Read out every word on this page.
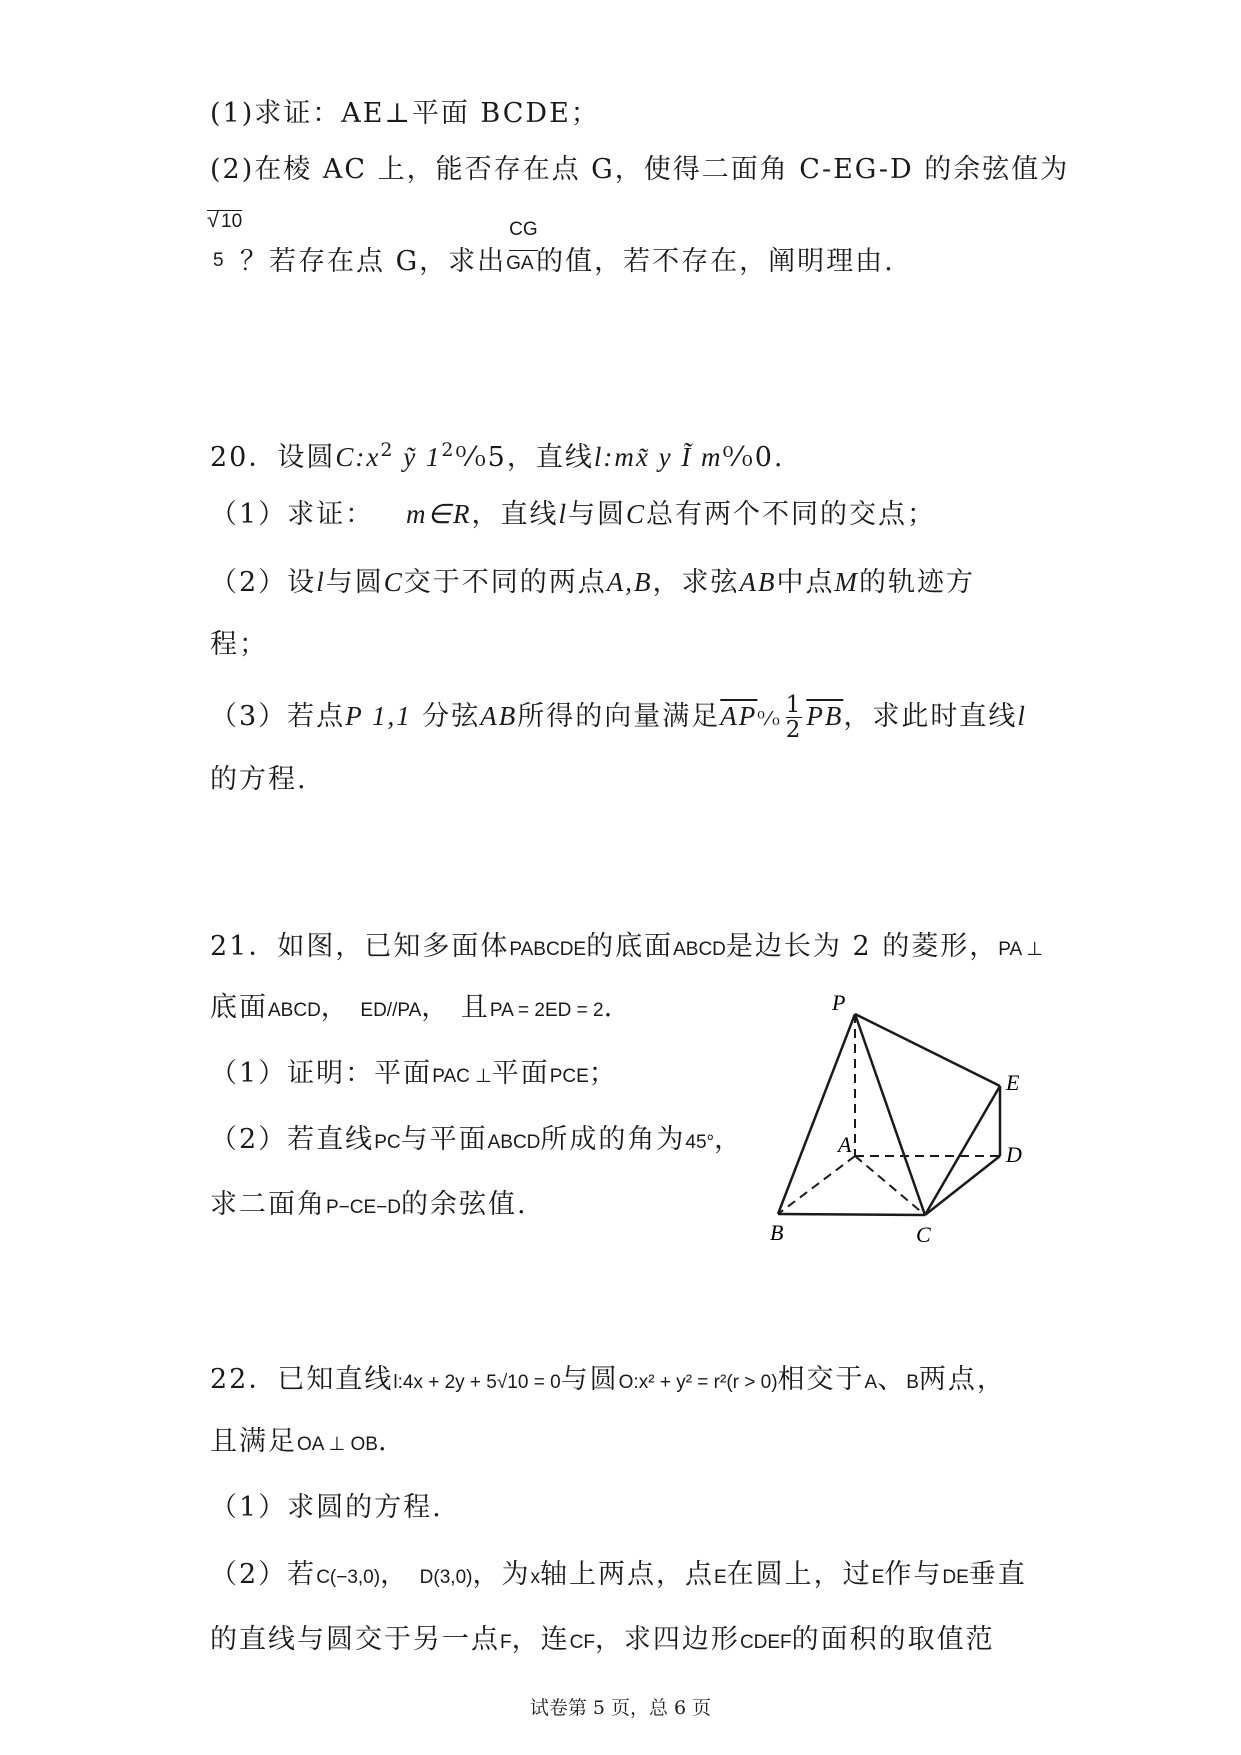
(1)求证：AE⊥平面 BCDE；
(2)在棱 AC 上，能否存在点 G，使得二面角 C-EG-D 的余弦值为
√ 10
5 ？若存在点 G，求出 $\frac{CG}{GA}$的值，若不存在，阐明理由.
20．设圆$C:x^2$ ỹ $1^2^0⁄_05$，直线l:mx̃ y Ĩ m⁰⁄₀0.
（1）求证： m∈R，直线l与圆C总有两个不同的交点；
（2）设l与圆C交于不同的两点A,B，求弦AB中点M的轨迹方
程；
（3）若点P 1,1 分弦AB所得的向量满足$\overline{AP}^0⁄_0 \frac{1}{2} \overline{PB}$，求此时直线l
的方程.
21．如图，已知多面体PABCDE的底面ABCD是边长为 2 的菱形，PA ⊥
底面ABCD， ED//PA， 且PA = 2ED = 2.
（1）证明：平面PAC ⊥平面PCE；
（2）若直线PC与平面ABCD所成的角为45°，
求二面角P−CE−D的余弦值.
P
E
A	D
B	C
22．已知直线l:4x + 2y + 5√10 = 0与圆O:x² + y² = r²(r > 0)相交于A、B两点，
且满足OA ⊥ OB.
（1）求圆的方程.
（2）若C(−3,0)， D(3,0)，为x轴上两点，点E在圆上，过E作与DE垂直
的直线与圆交于另一点F，连CF，求四边形CDEF的面积的取值范
试卷第 5 页，总 6 页
